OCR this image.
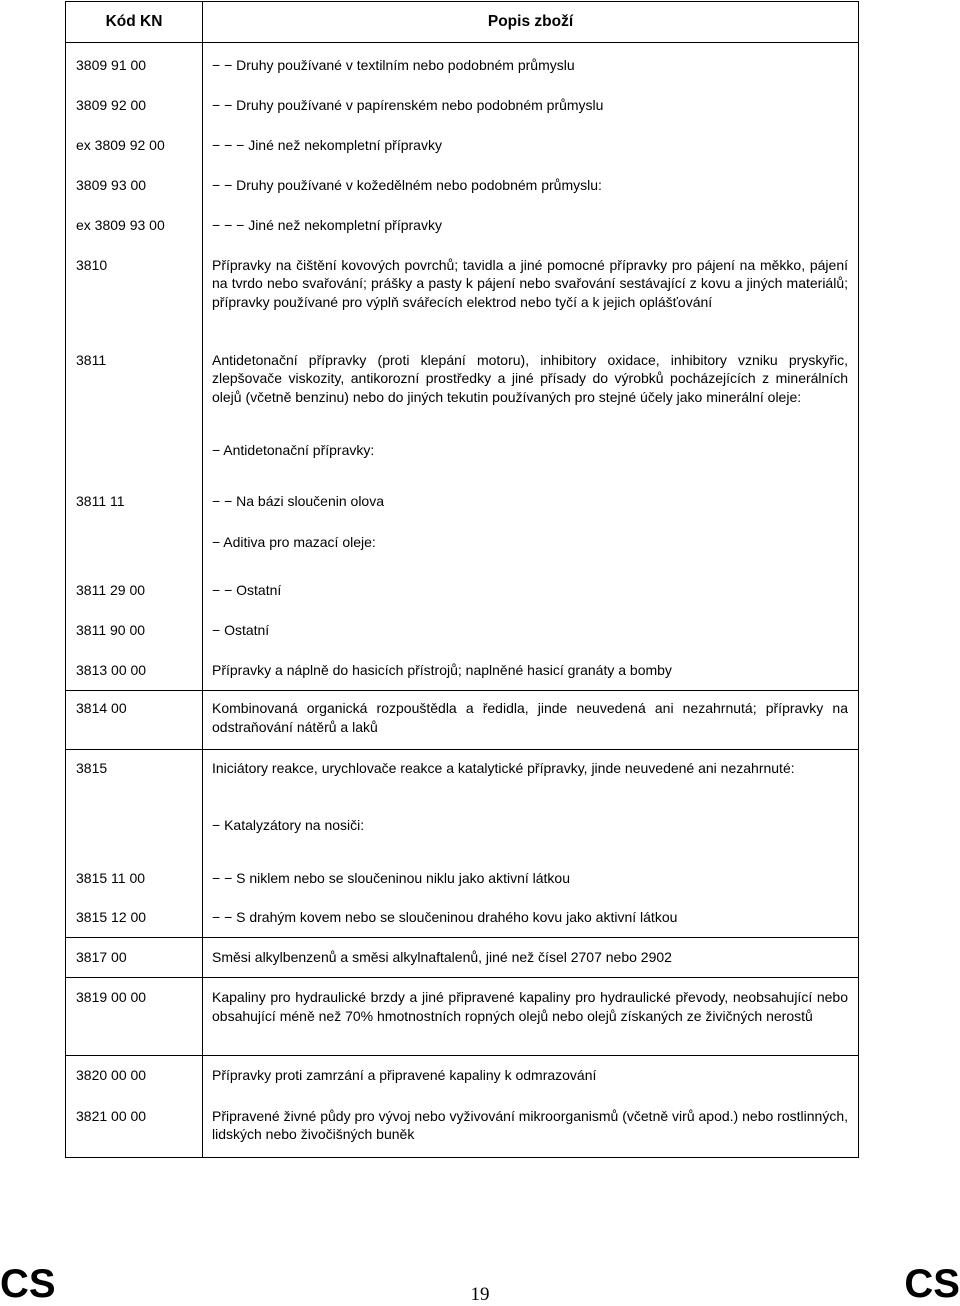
Kód KN	Popis zboží
3809 91 00	− − Druhy používané v textilním nebo podobném průmyslu
3809 92 00	− − Druhy používané v papírenském nebo podobném průmyslu
ex 3809 92 00	− − − Jiné než nekompletní přípravky
3809 93 00	− − Druhy používané v kožedělném nebo podobném průmyslu:
ex 3809 93 00	− − − Jiné než nekompletní přípravky
3810	Přípravky na čištění kovových povrchů; tavidla a jiné pomocné přípravky pro pájení na měkko, pájení na tvrdo nebo svařování; prášky a pasty k pájení nebo svařování sestávající z kovu a jiných materiálů; přípravky používané pro výplň svářecích elektrod nebo tyčí a k jejich oplášťování
3811	Antidetonační přípravky (proti klepání motoru), inhibitory oxidace, inhibitory vzniku pryskyřic, zlepšovače viskozity, antikorozní prostředky a jiné přísady do výrobků pocházejících z minerálních olejů (včetně benzinu) nebo do jiných tekutin používaných pro stejné účely jako minerální oleje:
	− Antidetonační přípravky:
3811 11	− − Na bázi sloučenin olova
	− Aditiva pro mazací oleje:
3811 29 00	− − Ostatní
3811 90 00	− Ostatní
3813 00 00	Přípravky a náplně do hasicích přístrojů; naplněné hasicí granáty a bomby
3814 00	Kombinovaná organická rozpouštědla a ředidla, jinde neuvedená ani nezahrnutá; přípravky na odstraňování nátěrů a laků
3815	Iniciátory reakce, urychlovače reakce a katalytické přípravky, jinde neuvedené ani nezahrnuté:
	− Katalyzátory na nosiči:
3815 11 00	− − S niklem nebo se sloučeninou niklu jako aktivní látkou
3815 12 00	− − S drahým kovem nebo se sloučeninou drahého kovu jako aktivní látkou
3817 00	Směsi alkylbenzenů a směsi alkylnaftalenů, jiné než čísel 2707 nebo 2902
3819 00 00	Kapaliny pro hydraulické brzdy a jiné připravené kapaliny pro hydraulické převody, neobsahující nebo obsahující méně než 70% hmotnostních ropných olejů nebo olejů získaných ze živičných nerostů
3820 00 00	Přípravky proti zamrzání a připravené kapaliny k odmrazování
3821 00 00	Připravené živné půdy pro vývoj nebo vyživování mikroorganismů (včetně virů apod.) nebo rostlinných, lidských nebo živočišných buněk
CS	19	CS
